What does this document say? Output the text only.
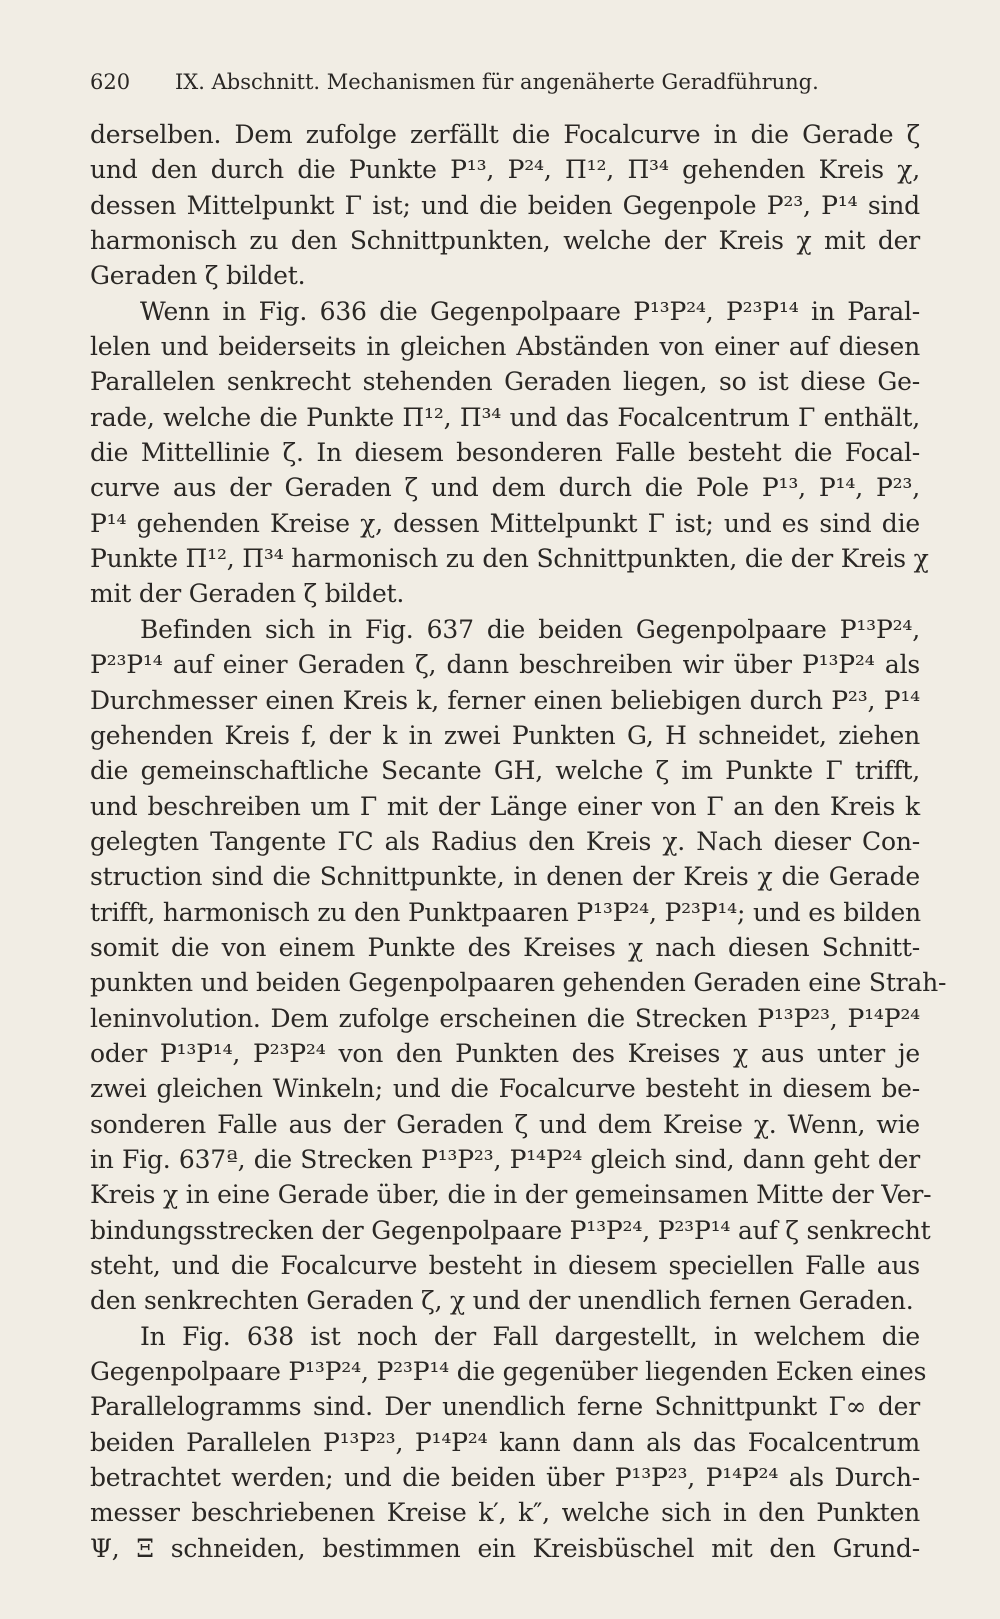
620 IX. Abschnitt. Mechanismen für angenäherte Geradführung.
derselben. Dem zufolge zerfällt die Focalcurve in die Gerade ζ
und den durch die Punkte P¹³, P²⁴, Π¹², Π³⁴ gehenden Kreis χ,
dessen Mittelpunkt Γ ist; und die beiden Gegenpole P²³, P¹⁴ sind
harmonisch zu den Schnittpunkten, welche der Kreis χ mit der
Geraden ζ bildet.
Wenn in Fig. 636 die Gegenpolpaare P¹³P²⁴, P²³P¹⁴ in Paral-
lelen und beiderseits in gleichen Abständen von einer auf diesen
Parallelen senkrecht stehenden Geraden liegen, so ist diese Ge-
rade, welche die Punkte Π¹², Π³⁴ und das Focalcentrum Γ enthält,
die Mittellinie ζ. In diesem besonderen Falle besteht die Focal-
curve aus der Geraden ζ und dem durch die Pole P¹³, P¹⁴, P²³,
P¹⁴ gehenden Kreise χ, dessen Mittelpunkt Γ ist; und es sind die
Punkte Π¹², Π³⁴ harmonisch zu den Schnittpunkten, die der Kreis χ
mit der Geraden ζ bildet.
Befinden sich in Fig. 637 die beiden Gegenpolpaare P¹³P²⁴,
P²³P¹⁴ auf einer Geraden ζ, dann beschreiben wir über P¹³P²⁴ als
Durchmesser einen Kreis k, ferner einen beliebigen durch P²³, P¹⁴
gehenden Kreis f, der k in zwei Punkten G, H schneidet, ziehen
die gemeinschaftliche Secante GH, welche ζ im Punkte Γ trifft,
und beschreiben um Γ mit der Länge einer von Γ an den Kreis k
gelegten Tangente ΓC als Radius den Kreis χ. Nach dieser Con-
struction sind die Schnittpunkte, in denen der Kreis χ die Gerade
trifft, harmonisch zu den Punktpaaren P¹³P²⁴, P²³P¹⁴; und es bilden
somit die von einem Punkte des Kreises χ nach diesen Schnitt-
punkten und beiden Gegenpolpaaren gehenden Geraden eine Strah-
leninvolution. Dem zufolge erscheinen die Strecken P¹³P²³, P¹⁴P²⁴
oder P¹³P¹⁴, P²³P²⁴ von den Punkten des Kreises χ aus unter je
zwei gleichen Winkeln; und die Focalcurve besteht in diesem be-
sonderen Falle aus der Geraden ζ und dem Kreise χ. Wenn, wie
in Fig. 637ª, die Strecken P¹³P²³, P¹⁴P²⁴ gleich sind, dann geht der
Kreis χ in eine Gerade über, die in der gemeinsamen Mitte der Ver-
bindungsstrecken der Gegenpolpaare P¹³P²⁴, P²³P¹⁴ auf ζ senkrecht
steht, und die Focalcurve besteht in diesem speciellen Falle aus
den senkrechten Geraden ζ, χ und der unendlich fernen Geraden.
In Fig. 638 ist noch der Fall dargestellt, in welchem die
Gegenpolpaare P¹³P²⁴, P²³P¹⁴ die gegenüber liegenden Ecken eines
Parallelogramms sind. Der unendlich ferne Schnittpunkt Γ∞ der
beiden Parallelen P¹³P²³, P¹⁴P²⁴ kann dann als das Focalcentrum
betrachtet werden; und die beiden über P¹³P²³, P¹⁴P²⁴ als Durch-
messer beschriebenen Kreise k′, k″, welche sich in den Punkten
Ψ, Ξ schneiden, bestimmen ein Kreisbüschel mit den Grund-
